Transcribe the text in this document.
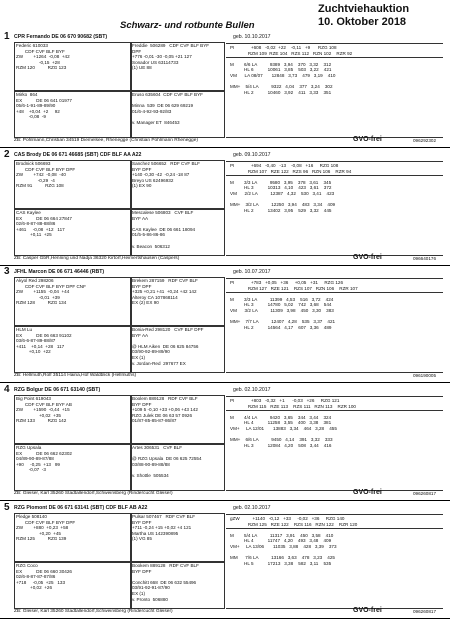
Schwarz- und rotbunte Bullen
Zuchtviehauktion
10. Oktober 2018
1 CPR Fernando DE 06 670 90682 (SBT)	geb. 10.10.2017
Federic 610033
CDF CVF BLF BYF
ZW        +1264  -0,08  +42
-0,15  +28
RZM 120          RZG 123
Mirko  864
EX           DE 06 641 01977
05/6-1-91-89-89/90
+48    +0,04  +2     92
-0,08  -9
Freddie  506289   CDF CVF BLF BYF
DPF
+776 -0,01 -30 -0,05 +21 127
Sonador US 63114733
(1) UE 88
Eruso 635604  CDF CVF BLF BYF

Minna  539  DE 06 629 69219
01/6-4-92-93-92/83

v. Manager ET  846453
PI             +608   -0,02  +22    -0,11   +9      RZG 108
RZM 109  RZE 104   RZS 112   RZN 102    RZR 92

M        6/6 LA          9389   3,94    370   3,32    312
HL 6           10061   3,85    503   3,22    421
VM      LA 08/07       12848   3,73    479   3,19    410

MM+    5/4 LA          9322   4,04    377   3,24    302
HL 2           10460   3,92    411   3,33    351
ZB: Pohlmann,Christian 34519 Diemelsee, Rhenegge (Christian Pohlmann Rhenegge)	GVO-frei	096292302
2 CAS Brody DE 06 671 46685 (SBT) CDF BLF AA A22	geb. 09.10.2017
Brodnick 506693
CDF CVF BLF BYF DPF
ZW        +742  -0,08  -40
-0,29  -4
RZM 91          RZG 108
CAS Kaylee
EX           DE 06 664 27847
02/6-8-87-88-88/86
+461     -0,08  +12   117
+0,11  +25
Sanchez 506652   RDF CVF BLF
BYF DPF
+140 -0,30 -42  -0,24 -18 87
Breyo US 62496932
(1) EX 90
Mescalese 506803   CVF BLF
BYF AA

CAS Kaylee  DE 06 661 18094
01/5-5-86-86-86

v. Beacon  506312
PI             +694   -0,40   -13    -0,08   +16     RZG 108
RZM 107   RZE 122   RZS 96   RZN 106    RZR 94

M        3/3 LA          9580   3,95    378   3,61    345
HL 3           10313   4,10    423   3,61    372
VM      2/2 LA          12387   4,32    530   3,41    423

MM+    3/2 LA          12250   3,94    483   3,34    409
HL 2           13402   3,95    529   3,32    445
ZB: Casper GbR,Henning und Nadja 36320 Kirtorf,Heimertshausen (Caspers)	GVO-frei	096640176
3 JFHL Marcon DE 06 671 46446 (RBT)	geb. 10.07.2017
Akyol Red 298206
CDF CVF BLF BYF DPF CNF
ZW        +1155  -0,04  +44
-0,01  +39
RZM 128          RZG 134
HLM Lu
EX           DE 06 663 91102
03/6-6-87-89-88/87
+411    +0,14  +28   117
+0,10  +22
Brekem 287159   RDF CVF BLF
BYF DPF
+325 +0,21 +41  +0,24 +42 142
Alteroy CA 107868114
EX (2) EX 90
Bonia-Red 298120   CVF BLF DPF
BYF AA

@ HLM Aiken  DE 06 625 84756
03/90-92-89-89/90
EX (1)
v. Jordan-Red  297677 EX
PI             +783   +0,05   +36     +0,05   +31     RZG 126
RZM 127   RZE 121    RZS 107   RZN 106    RZR 107

M        3/3 LA          11399   4,53    516   3,72    424
HL 3           14780   5,02    742   3,68    544
VM      3/2 LA          11309   3,98    450   3,30    383

MM+    7/7 LA          12407   4,28    535   3,37    421
HL 2           14564   4,17    607   3,36    489
ZB: Hellmuth,Rolf 35114 Haina,Hof Waldblick (Hellmuths)	096190005
4 RZG Bolgur DE 06 671 63140 (SBT)	geb. 02.10.2017
Big Point 619043
CDF CVF BLF BYF AB
ZW        +1590  -0,44  +15
+0,02  +35
RZM 133          RZG 142
RZG Upsala
EX           DE 06 662 62302
04/89-90-89-87/88
+90     -0,25  +13   99
-0,07  -3
Boolem 889128   RDF CVF BLF
BYF DPF
+109 5 -0,10 +33 +0,06 +43 142
RZG Julek DE 06 63 57 0926
01/87-85-85-87-86/87
Artes 306531   CVF BLF

@ RZG Upsala  DE 06 625 72554
03/88-90-89-88/88

v. Shottle  505534
PI             +803   -0,32   +1      -0,03   +26     RZG 121
RZM 115   RZE 113    RZS 111   RZN 113    RZR 100

M        4/4 LA          9420   3,65    344   3,44    324
HL 4           11258   3,55    400   3,38    381
VM+     LA 12/01       13883   3,34    464   3,28    455

MM+    6/6 LA          9450   4,14    391   3,32    333
HL 3           12084   4,20    508   3,44    416
ZB: Gleiser, Karl 35260 Stadtallendorf,Schweinsberg (Rindercucht Gleiser)	GVO-frei	096260817
5 RZG Piomont DE 06 671 63141 (SBT) CDF BLF AB A22	geb. 02.10.2017
Pledge 508140
CDF CVF BLF BYF DPF
ZW        +880  +0,23  +58
+0,20  +45
RZM 125          RZG 139
RZG Coco
EX           DE 06 660 30426
02/6-8-87-87-87/86
+718     -0,05  +25   133
+0,02  +26
Pulsar 507467   RDF CVF BLF
BYF DPF
+711 -0,24 +15 +0,02 +4 121
Martha US 142390895
(1) VG 85
Bookem 889128   RDF CVF BLF
BYF DPF

Conchitt 668  DE 06 632 55496
03/91-92-91-87/90
EX (1)
v. Pronto  506880
gZW          +1140   -0,12   +33     -0,02   +36     RZG 140
RZM 125   RZE 122    RZS 116   RZN 122    RZR 120

M        5/4 LA          11317   3,91    450   3,58    410
HL 4           11747   4,20    493   3,48    409
VM+     LA 13/06       11035   3,88    428   3,39    373

MM      7/6 LA          13166   3,63    478   3,23    425
HL 5           17213   3,38    582   3,11    535
ZB: Gleiser, Karl 35260 Stadtallendorf,Schweinsberg (Rindercucht Gleiser)	GVO-frei	096260817
